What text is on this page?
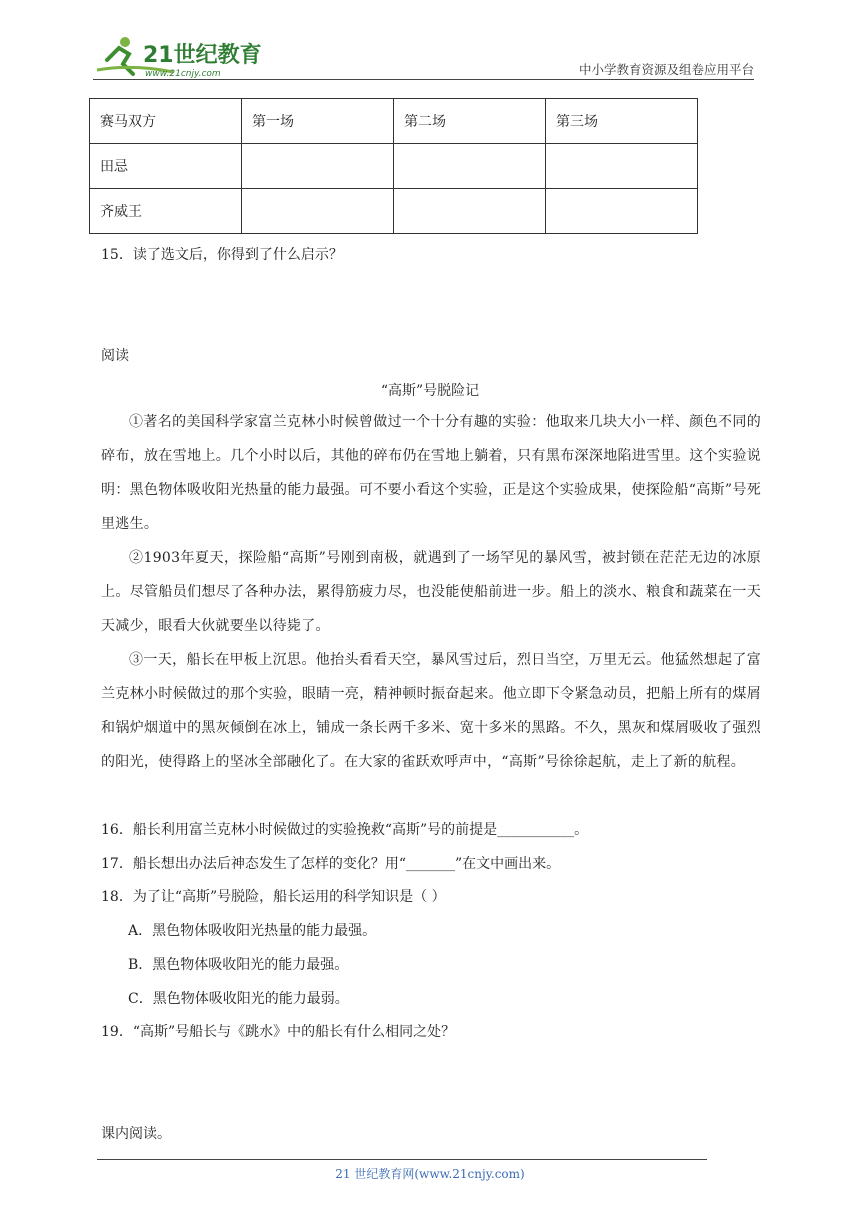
21世纪教育
www.21cnjy.com	中小学教育资源及组卷应用平台
赛马双方	第一场	第二场	第三场
田忌			
齐威王			
15．读了选文后，你得到了什么启示？
阅读
“高斯”号脱险记
①著名的美国科学家富兰克林小时候曾做过一个十分有趣的实验：他取来几块大小一样、颜色不同的碎布，放在雪地上。几个小时以后，其他的碎布仍在雪地上躺着，只有黑布深深地陷进雪里。这个实验说明：黑色物体吸收阳光热量的能力最强。可不要小看这个实验，正是这个实验成果，使探险船“高斯”号死里逃生。
②1903年夏天，探险船“高斯”号刚到南极，就遇到了一场罕见的暴风雪，被封锁在茫茫无边的冰原上。尽管船员们想尽了各种办法，累得筋疲力尽，也没能使船前进一步。船上的淡水、粮食和蔬菜在一天天减少，眼看大伙就要坐以待毙了。
③一天，船长在甲板上沉思。他抬头看看天空，暴风雪过后，烈日当空，万里无云。他猛然想起了富兰克林小时候做过的那个实验，眼睛一亮，精神顿时振奋起来。他立即下令紧急动员，把船上所有的煤屑和锅炉烟道中的黑灰倾倒在冰上，铺成一条长两千多米、宽十多米的黑路。不久，黑灰和煤屑吸收了强烈的阳光，使得路上的坚冰全部融化了。在大家的雀跃欢呼声中，“高斯”号徐徐起航，走上了新的航程。
16．船长利用富兰克林小时候做过的实验挽救“高斯”号的前提是___________。
17．船长想出办法后神态发生了怎样的变化？用“_______”在文中画出来。
18．为了让“高斯”号脱险，船长运用的科学知识是（ ）
A．黑色物体吸收阳光热量的能力最强。
B．黑色物体吸收阳光的能力最强。
C．黑色物体吸收阳光的能力最弱。
19．“高斯”号船长与《跳水》中的船长有什么相同之处？
课内阅读。
21 世纪教育网(www.21cnjy.com)
